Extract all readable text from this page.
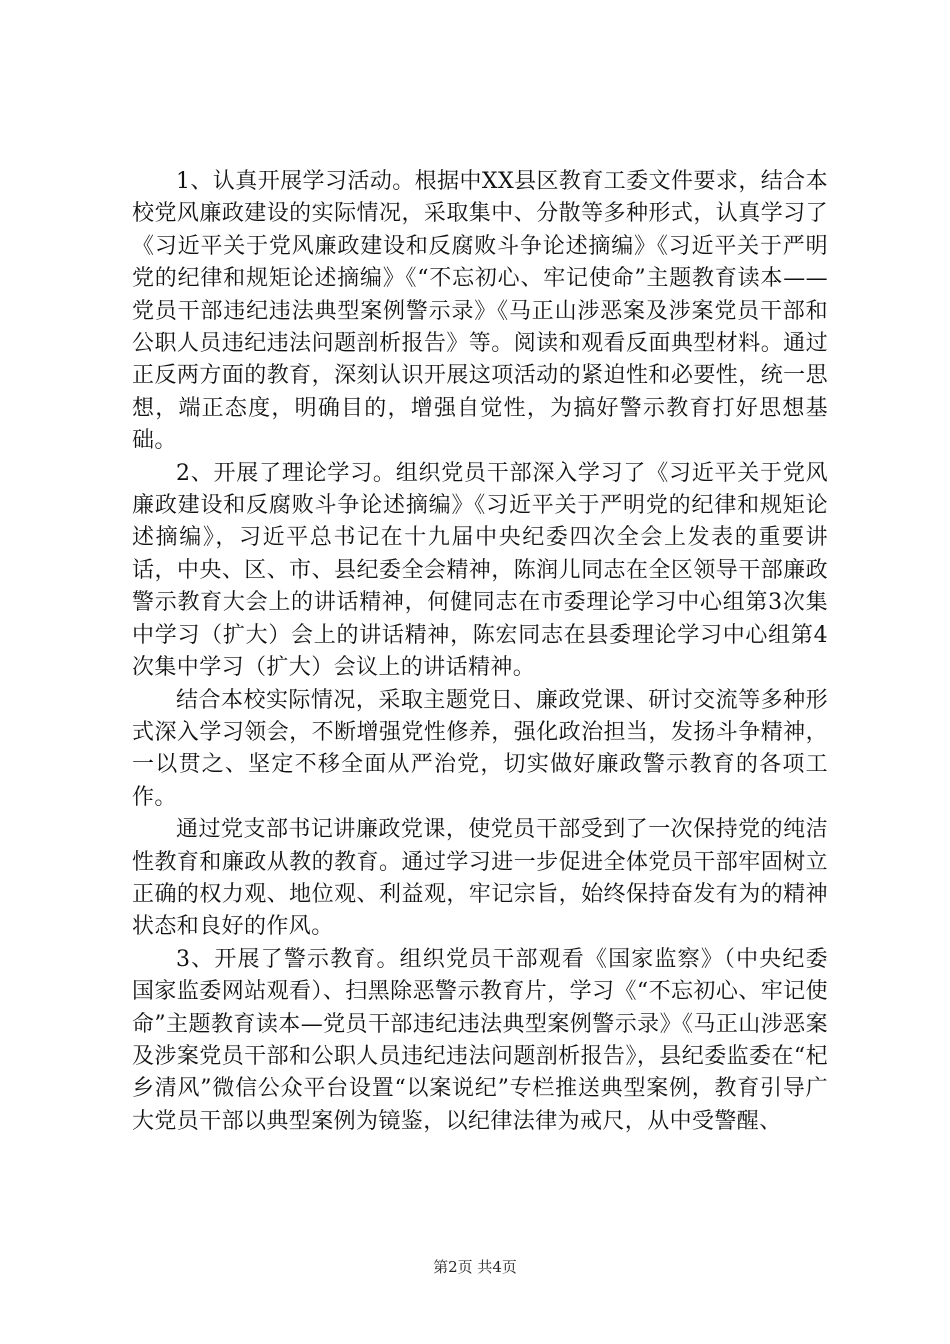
1、认真开展学习活动。根据中XX县区教育工委文件要求，结合本校党风廉政建设的实际情况，采取集中、分散等多种形式，认真学习了《习近平关于党风廉政建设和反腐败斗争论述摘编》《习近平关于严明党的纪律和规矩论述摘编》《“不忘初心、牢记使命”主题教育读本——党员干部违纪违法典型案例警示录》《马正山涉恶案及涉案党员干部和公职人员违纪违法问题剖析报告》等。阅读和观看反面典型材料。通过正反两方面的教育，深刻认识开展这项活动的紧迫性和必要性，统一思想，端正态度，明确目的，增强自觉性，为搞好警示教育打好思想基础。

2、开展了理论学习。组织党员干部深入学习了《习近平关于党风廉政建设和反腐败斗争论述摘编》《习近平关于严明党的纪律和规矩论述摘编》，习近平总书记在十九届中央纪委四次全会上发表的重要讲话，中央、区、市、县纪委全会精神，陈润儿同志在全区领导干部廉政警示教育大会上的讲话精神，何健同志在市委理论学习中心组第3次集中学习（扩大）会上的讲话精神，陈宏同志在县委理论学习中心组第4次集中学习（扩大）会议上的讲话精神。

结合本校实际情况，采取主题党日、廉政党课、研讨交流等多种形式深入学习领会，不断增强党性修养，强化政治担当，发扬斗争精神，一以贯之、坚定不移全面从严治党，切实做好廉政警示教育的各项工作。

通过党支部书记讲廉政党课，使党员干部受到了一次保持党的纯洁性教育和廉政从教的教育。通过学习进一步促进全体党员干部牢固树立正确的权力观、地位观、利益观，牢记宗旨，始终保持奋发有为的精神状态和良好的作风。

3、开展了警示教育。组织党员干部观看《国家监察》（中央纪委国家监委网站观看）、扫黑除恶警示教育片，学习《“不忘初心、牢记使命”主题教育读本—党员干部违纪违法典型案例警示录》《马正山涉恶案及涉案党员干部和公职人员违纪违法问题剖析报告》，县纪委监委在“杞乡清风”微信公众平台设置“以案说纪”专栏推送典型案例，教育引导广大党员干部以典型案例为镜鉴，以纪律法律为戒尺，从中受警醒、

第2页 共4页
